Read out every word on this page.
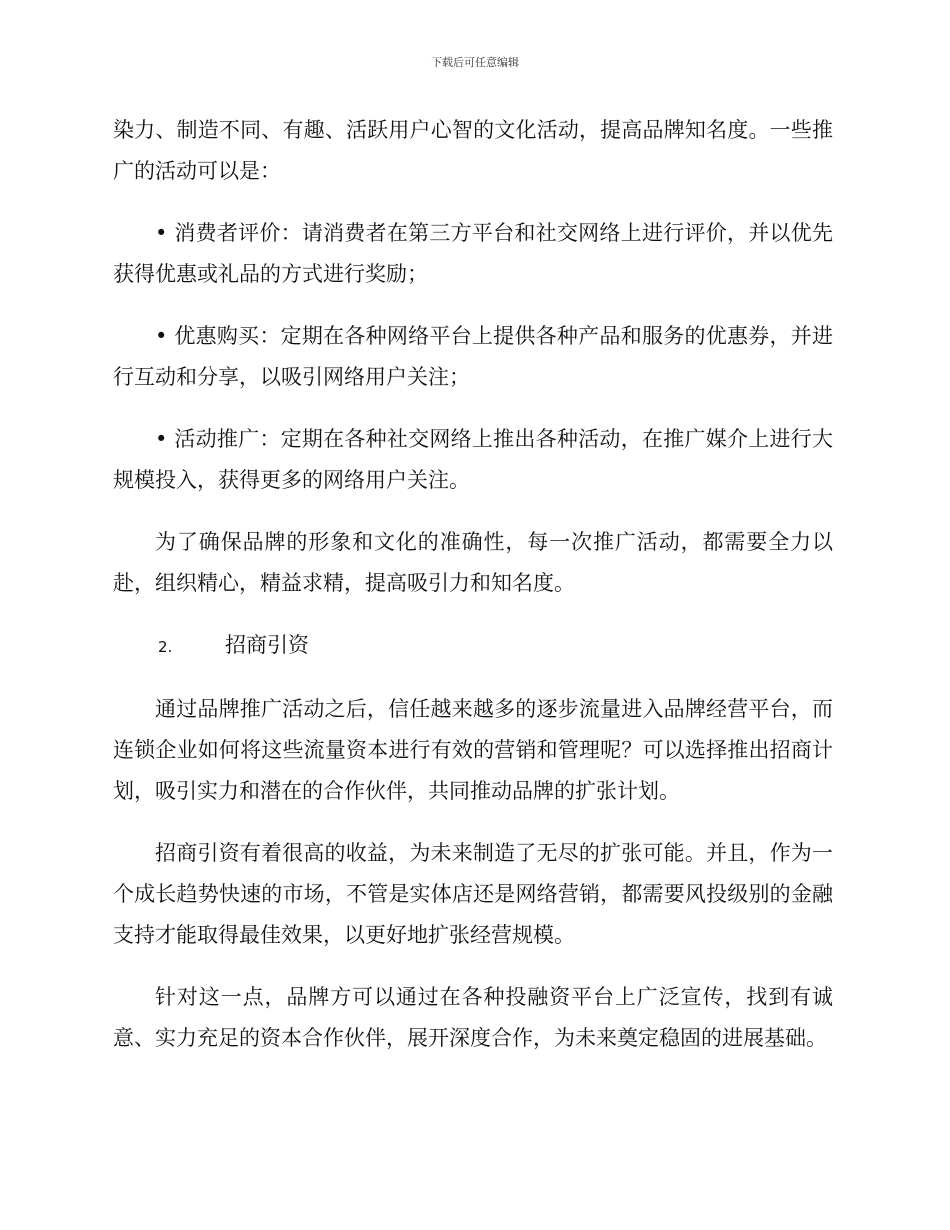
下载后可任意编辑

染力、制造不同、有趣、活跃用户心智的文化活动，提高品牌知名度。一些推广的活动可以是：

• 消费者评价：请消费者在第三方平台和社交网络上进行评价，并以优先获得优惠或礼品的方式进行奖励；

• 优惠购买：定期在各种网络平台上提供各种产品和服务的优惠券，并进行互动和分享，以吸引网络用户关注；

• 活动推广：定期在各种社交网络上推出各种活动，在推广媒介上进行大规模投入，获得更多的网络用户关注。

为了确保品牌的形象和文化的准确性，每一次推广活动，都需要全力以赴，组织精心，精益求精，提高吸引力和知名度。

2.	招商引资

通过品牌推广活动之后，信任越来越多的逐步流量进入品牌经营平台，而连锁企业如何将这些流量资本进行有效的营销和管理呢？可以选择推出招商计划，吸引实力和潜在的合作伙伴，共同推动品牌的扩张计划。

招商引资有着很高的收益，为未来制造了无尽的扩张可能。并且，作为一个成长趋势快速的市场，不管是实体店还是网络营销，都需要风投级别的金融支持才能取得最佳效果，以更好地扩张经营规模。

针对这一点，品牌方可以通过在各种投融资平台上广泛宣传，找到有诚意、实力充足的资本合作伙伴，展开深度合作，为未来奠定稳固的进展基础。
